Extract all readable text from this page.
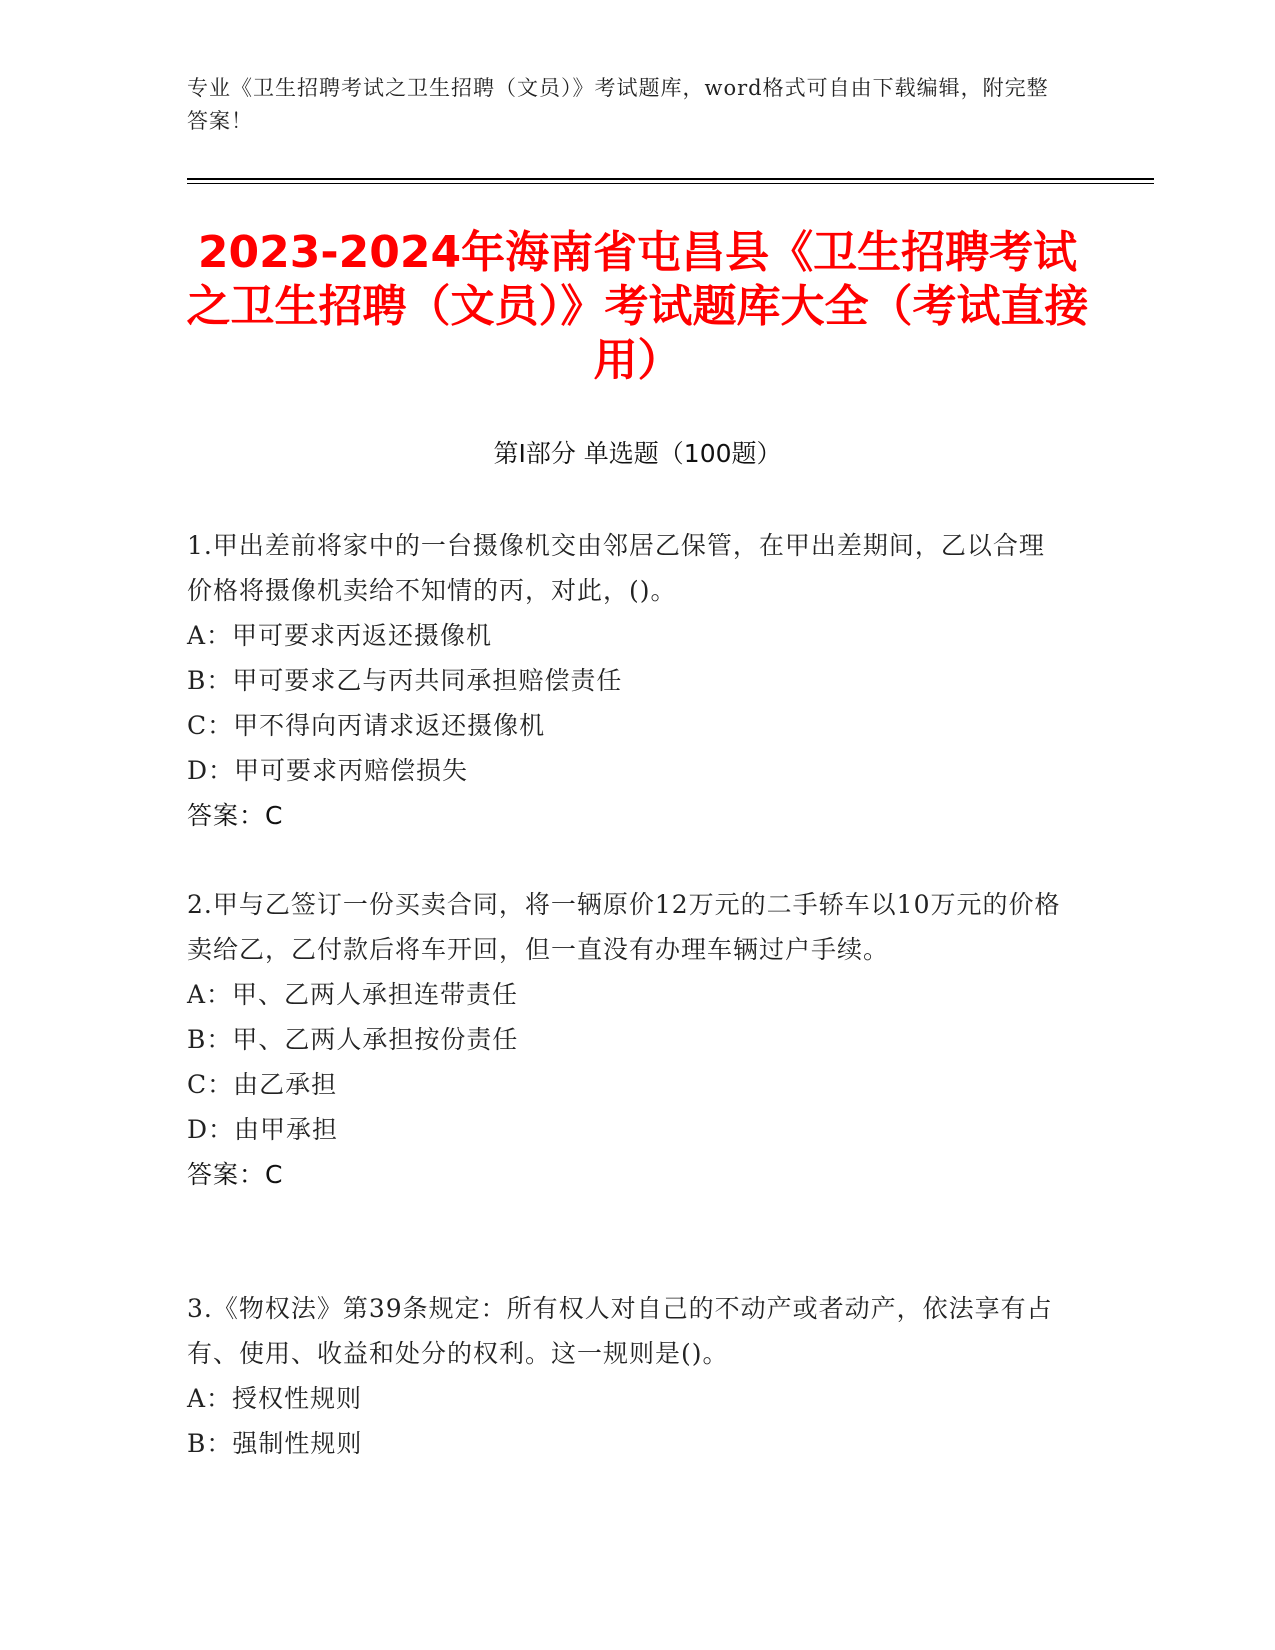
专业《卫生招聘考试之卫生招聘（文员）》考试题库，word格式可自由下载编辑，附完整答案！
2023-2024年海南省屯昌县《卫生招聘考试之卫生招聘（文员）》考试题库大全（考试直接用）
第Ⅰ部分 单选题（100题）

1.甲出差前将家中的一台摄像机交由邻居乙保管，在甲出差期间，乙以合理价格将摄像机卖给不知情的丙，对此，()。

A：甲可要求丙返还摄像机

B：甲可要求乙与丙共同承担赔偿责任

C：甲不得向丙请求返还摄像机

D：甲可要求丙赔偿损失

答案：C

2.甲与乙签订一份买卖合同，将一辆原价12万元的二手轿车以10万元的价格卖给乙，乙付款后将车开回，但一直没有办理车辆过户手续。

A：甲、乙两人承担连带责任

B：甲、乙两人承担按份责任

C：由乙承担

D：由甲承担

答案：C

3.《物权法》第39条规定：所有权人对自己的不动产或者动产，依法享有占有、使用、收益和处分的权利。这一规则是()。

A：授权性规则

B：强制性规则
